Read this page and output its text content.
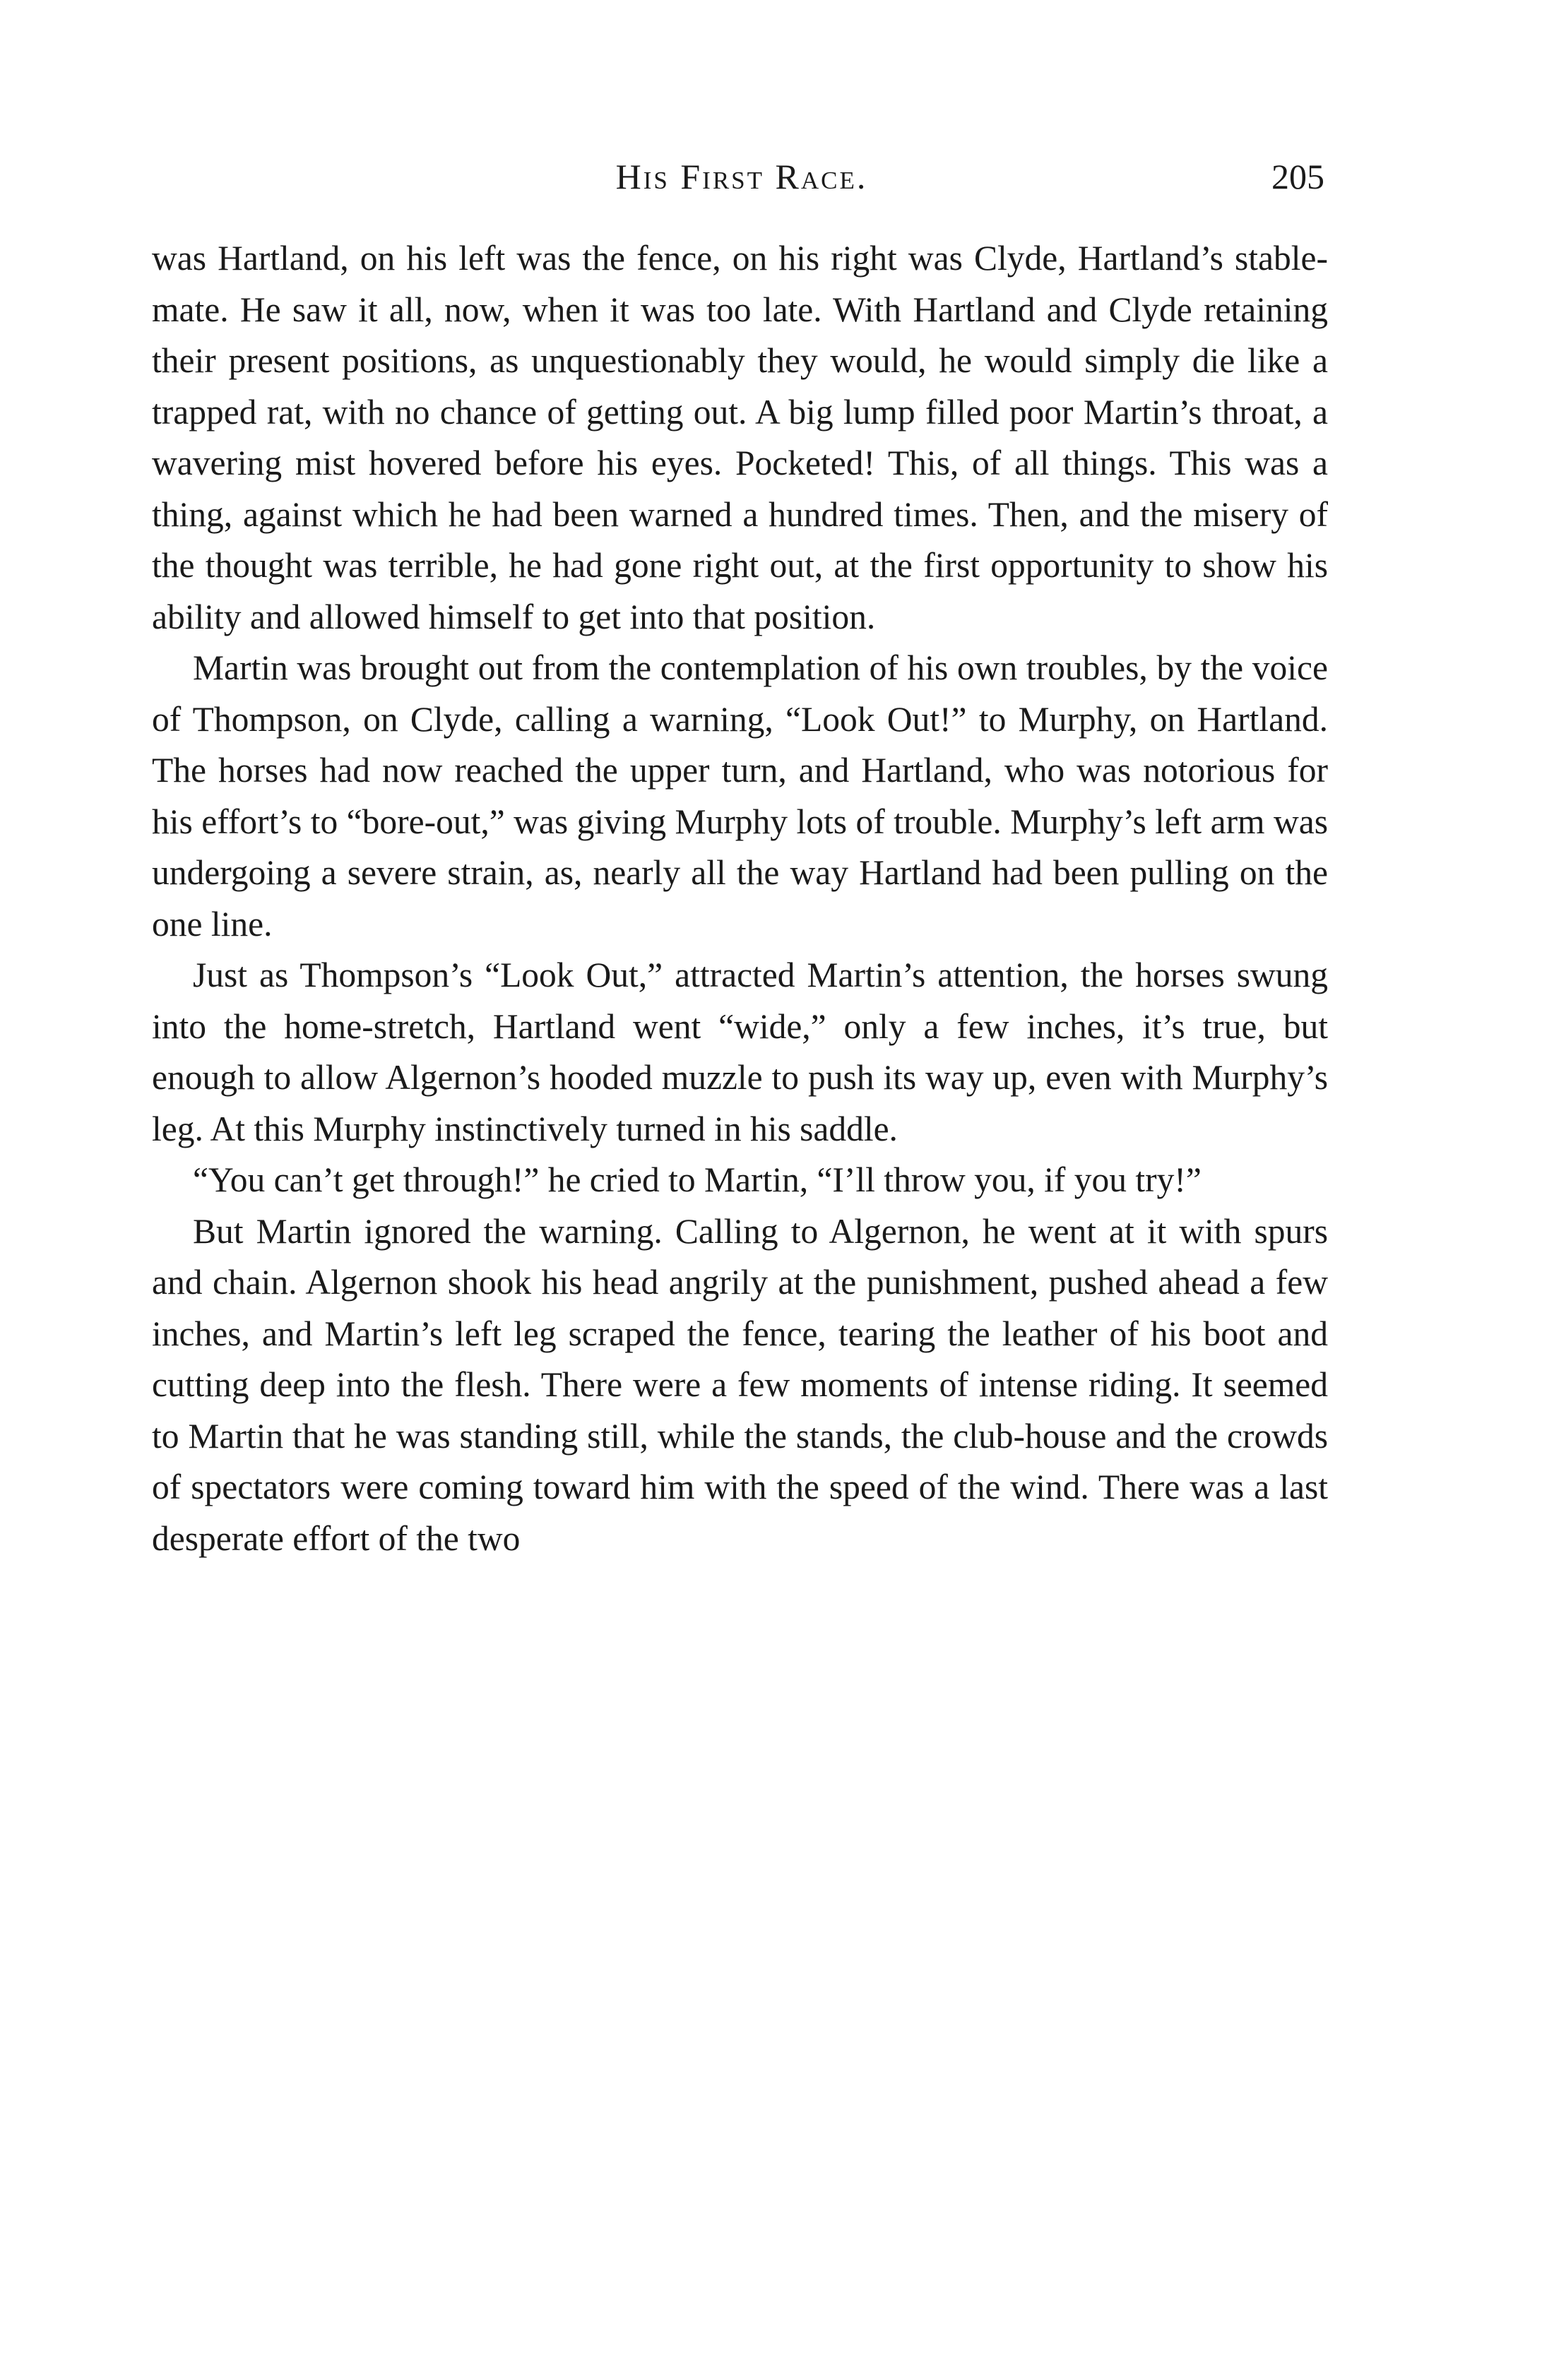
His First Race.	205

was Hartland, on his left was the fence, on his right was Clyde, Hartland’s stable-mate. He saw it all, now, when it was too late. With Hartland and Clyde retaining their present positions, as unquestionably they would, he would simply die like a trapped rat, with no chance of getting out. A big lump filled poor Martin’s throat, a wavering mist hovered before his eyes. Pocketed! This, of all things. This was a thing, against which he had been warned a hundred times. Then, and the misery of the thought was terrible, he had gone right out, at the first opportunity to show his ability and allowed himself to get into that position.

Martin was brought out from the contemplation of his own troubles, by the voice of Thompson, on Clyde, calling a warning, “Look Out!” to Murphy, on Hartland. The horses had now reached the upper turn, and Hartland, who was notorious for his effort’s to “bore-out,” was giving Murphy lots of trouble. Murphy’s left arm was undergoing a severe strain, as, nearly all the way Hartland had been pulling on the one line.

Just as Thompson’s “Look Out,” attracted Martin’s attention, the horses swung into the home-stretch, Hartland went “wide,” only a few inches, it’s true, but enough to allow Algernon’s hooded muzzle to push its way up, even with Murphy’s leg. At this Murphy instinctively turned in his saddle.

“You can’t get through!” he cried to Martin, “I’ll throw you, if you try!”

But Martin ignored the warning. Calling to Algernon, he went at it with spurs and chain. Algernon shook his head angrily at the punishment, pushed ahead a few inches, and Martin’s left leg scraped the fence, tearing the leather of his boot and cutting deep into the flesh. There were a few moments of intense riding. It seemed to Martin that he was standing still, while the stands, the club-house and the crowds of spectators were coming toward him with the speed of the wind. There was a last desperate effort of the two
